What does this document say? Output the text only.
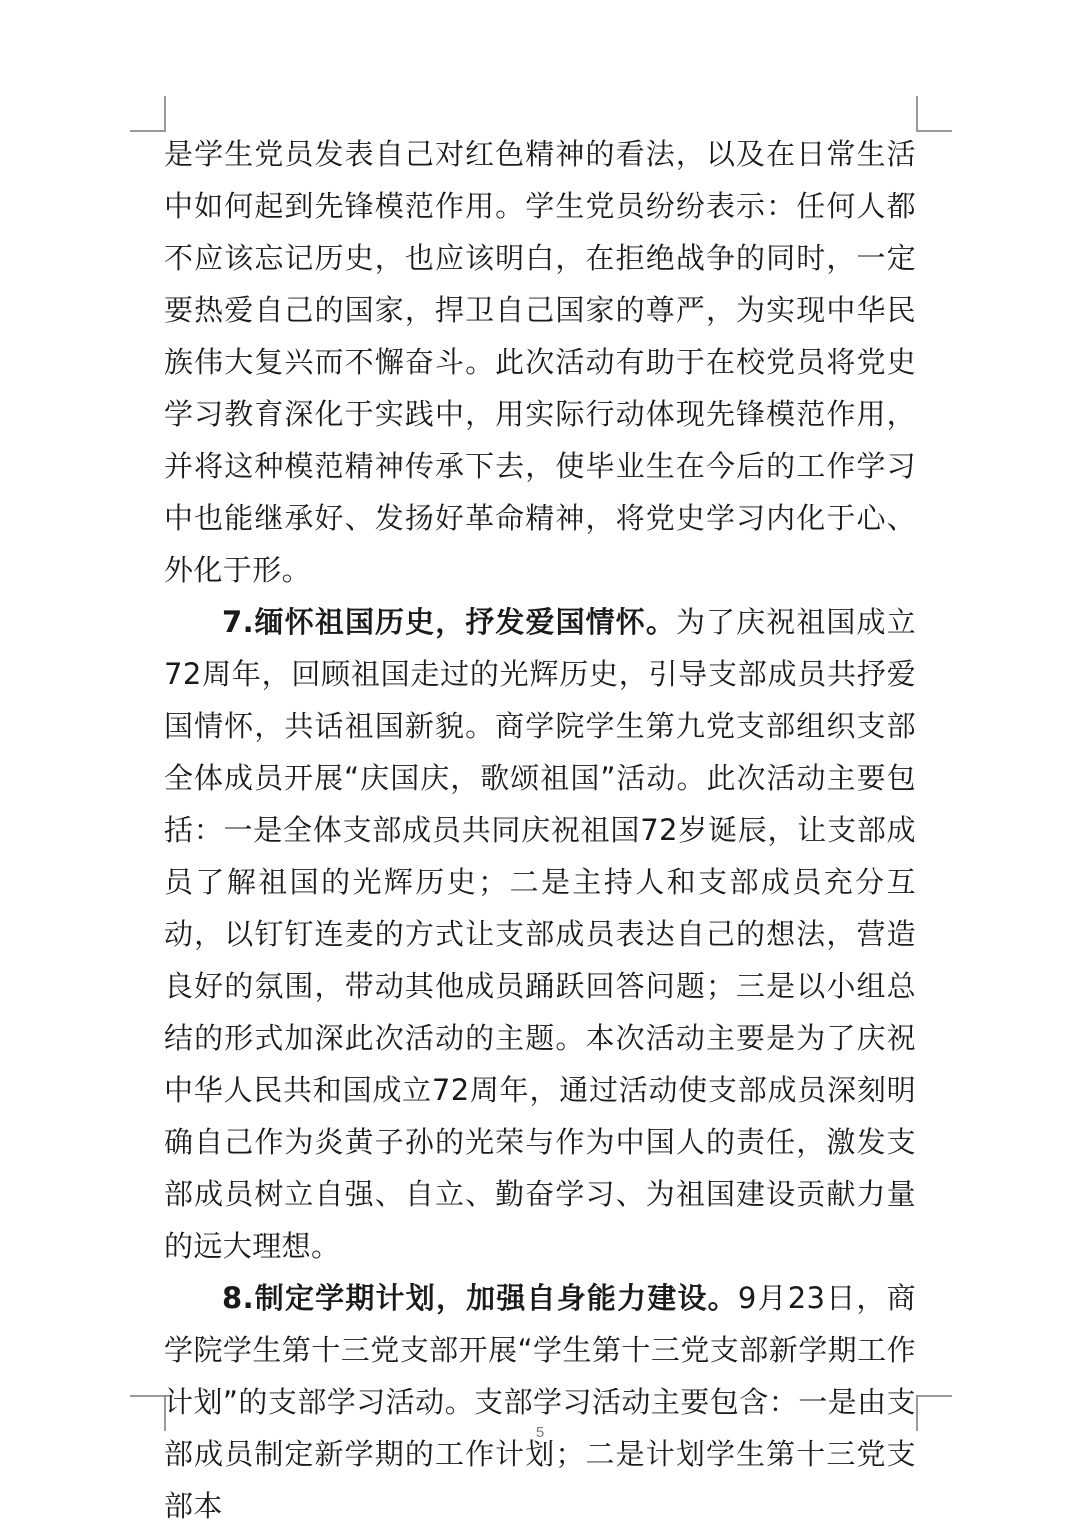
是学生党员发表自己对红色精神的看法，以及在日常生活中如何起到先锋模范作用。学生党员纷纷表示：任何人都不应该忘记历史，也应该明白，在拒绝战争的同时，一定要热爱自己的国家，捍卫自己国家的尊严，为实现中华民族伟大复兴而不懈奋斗。此次活动有助于在校党员将党史学习教育深化于实践中，用实际行动体现先锋模范作用，并将这种模范精神传承下去，使毕业生在今后的工作学习中也能继承好、发扬好革命精神，将党史学习内化于心、外化于形。

7.缅怀祖国历史，抒发爱国情怀。为了庆祝祖国成立72周年，回顾祖国走过的光辉历史，引导支部成员共抒爱国情怀，共话祖国新貌。商学院学生第九党支部组织支部全体成员开展“庆国庆，歌颂祖国”活动。此次活动主要包括：一是全体支部成员共同庆祝祖国72岁诞辰，让支部成员了解祖国的光辉历史；二是主持人和支部成员充分互动，以钉钉连麦的方式让支部成员表达自己的想法，营造良好的氛围，带动其他成员踊跃回答问题；三是以小组总结的形式加深此次活动的主题。本次活动主要是为了庆祝中华人民共和国成立72周年，通过活动使支部成员深刻明确自己作为炎黄子孙的光荣与作为中国人的责任，激发支部成员树立自强、自立、勤奋学习、为祖国建设贡献力量的远大理想。

8.制定学期计划，加强自身能力建设。9月23日，商学院学生第十三党支部开展“学生第十三党支部新学期工作计划”的支部学习活动。支部学习活动主要包含：一是由支部成员制定新学期的工作计划；二是计划学生第十三党支部本

5
